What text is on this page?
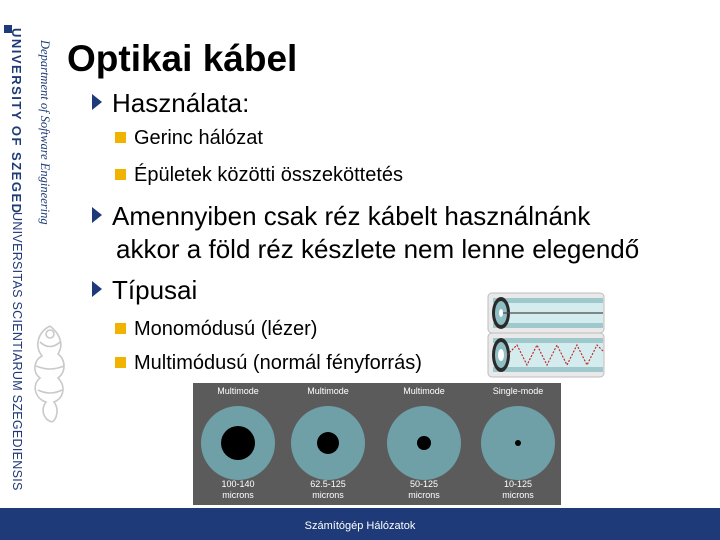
UNIVERSITY OF SZEGED Department of Software Engineering
UNIVERSITAS SCIENTIARUM SZEGEDIENSIS
Optikai kábel
Használata:
Gerinc hálózat
Épületek közötti összeköttetés
Amennyiben csak réz kábelt használnánk
akkor a föld réz készlete nem lenne elegendő
Típusai
Monomódusú (lézer)
Multimódusú (normál fényforrás)
Multimode	Multimode	Multimode	Single-mode
100-140
microns
62.5-125
microns
50-125
microns
10-125
microns
Számítógép Hálózatok
